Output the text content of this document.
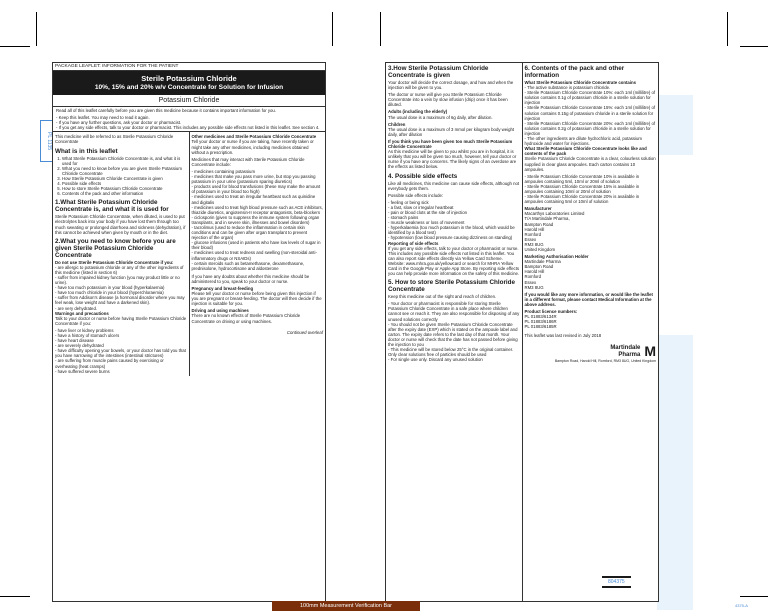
PL 1135
PACKAGE LEAFLET: INFORMATION FOR THE PATIENT
Sterile Potassium Chloride
10%, 15% and 20% w/v Concentrate for Solution for Infusion
Potassium Chloride

Read all of this leaflet carefully before you are given this medicine because it contains important information for you.

- Keep this leaflet. You may need to read it again.
- If you have any further questions, ask your doctor or pharmacist.
- If you get any side effects, talk to your doctor or pharmacist. This includes any possible side effects not listed in this leaflet. See section 4.

This medicine will be referred to as Sterile Potassium Chloride Concentrate

What is in this leaflet
1. What Sterile Potassium Chloride Concentrate is, and what it is used for
2. What you need to know before you are given Sterile Potassium Chloride Concentrate
3. How Sterile Potassium Chloride Concentrate is given
4. Possible side effects
5. How to store Sterile Potassium Chloride Concentrate
6. Contents of the pack and other information
1.What Sterile Potassium Chloride Concentrate is, and what it is used for

Sterile Potassium Chloride Concentrate, when diluted, is used to put electrolytes back into your body if you have lost them through too much sweating or prolonged diarrhoea and sickness (dehydration), if this cannot be achieved when given by mouth or in the diet.

2.What you need to know before you are given Sterile Potassium Chloride Concentrate
Do not use Sterile Potassium Chloride Concentrate if you:
- are allergic to potassium chloride or any of the other ingredients of this medicine (listed in section 6)
- suffer from impaired kidney function (you may product little or no urine).
- have too much potassium in your blood (hyperkalaemia)
- have too much chloride in your blood (hyperchloraemia)
- suffer from Addison's disease (a hormonal disorder where you may feel weak, lose weight and have a darkened skin).
- are very dehydrated.
Warnings and precautions

Talk to your doctor or nurse before having Sterile Potassium Chloride Concentrate if you:

- have liver or kidney problems
- have a history of stomach ulcers
- have heart disease
- are severely dehydrated
- have difficulty opening your bowels, or your doctor has told you that you have narrowing of the intestines (intestinal strictures)
- are suffering from muscle pains caused by exercising or overheating (heat cramps)
- have suffered severe burns
Other medicines and Sterile Potassium Chloride Concentrate

Tell your doctor or nurse if you are taking, have recently taken or might take any other medicines, including medicines obtained without a prescription.

Medicines that may interact with Sterile Potassium Chloride Concentrate include:

- medicines containing potassium
- medicines that make you pass more urine, but stop you passing potassium in your urine (potassium sparing diuretics)
- products used for blood transfusions (these may make the amount of potassium in your blood too high)
- medicines used to treat an irregular heartbeat such as quinidine and digitalis
- medicines used to treat high blood pressure such as ACE inhibitors, thiazide diuretics, angiotensin-II receptor antagonists, beta-blockers
- ciclosporin (given to suppress the immune system following organ transplants, and in severe skin, illnesses and bowel disorders)
- tacrolimus (used to reduce the inflammation in certain skin conditions and can be given after organ transplant to prevent rejection of the organ)
- glucose infusions (used in patients who have low levels of sugar in their blood)
- medicines used to treat redness and swelling (non-steroidal anti-inflammatory drugs or NSAIDs)
- certain steroids such as betamethasone, dexamethasone, prednisolone, hydrocortisone and aldosterone

If you have any doubts about whether this medicine should be administered to you, speak to your doctor or nurse.

Pregnancy and breast-feeding

Please tell your doctor or nurse before being given this injection if you are pregnant or breast-feeding. The doctor will then decide if the injection is suitable for you.

Driving and using machines

There are no known effects of Sterile Potassium Chloride Concentrate on driving or using machines.

Continued overleaf
3.How Sterile Potassium Chloride Concentrate is given

Your doctor will decide the correct dosage, and how and when the injection will be given to you.

The doctor or nurse will give you Sterile Potassium Chloride Concentrate into a vein by slow infusion (drip) once it has been diluted.

Adults (including the elderly)

The usual dose is a maximum of 6g daily, after dilution.

Children

The usual dose is a maximum of 3 mmol per kilogram body weight daily, after dilution

If you think you have been given too much Sterile Potassium Chloride Concentrate

As this medicine will be given to you whilst you are in hospital, it is unlikely that you will be given too much, however, tell your doctor or nurse if you have any concerns. The likely signs of an overdose are the effects as listed below.

4. Possible side effects

Like all medicines, this medicine can cause side effects, although not everybody gets them.

Possible side effects include:

- feeling or being sick
- a fast, slow or irregular heartbeat
- pain or blood clots at the site of injection
- stomach pains
- muscle weakness or loss of movement
- hyperkalaemia (too much potassium in the blood, which would be identified by a blood test)
- hypotension (low blood pressure causing dizziness on standing)
Reporting of side effects

If you get any side effects, talk to your doctor or pharmacist or nurse. This includes any possible side effects not listed in this leaflet. You can also report side effects directly via Yellow Card Scheme. Website: www.mhra.gov.uk/yellowcard or search for MHRA Yellow Card in the Google Play or Apple App Store. By reporting side effects you can help provide more information on the safety of this medicine.

5. How to store Sterile Potassium Chloride Concentrate

Keep this medicine out of the sight and reach of children.

- Your doctor or pharmacist is responsible for storing Sterile Potassium Chloride Concentrate in a safe place where children cannot see or reach it. They are also responsible for disposing of any unused solutions correctly
- You should not be given Sterile Potassium Chloride Concentrate after the expiry date (EXP) which is stated on the ampoule label and carton. The expiry date refers to the last day of that month. Your doctor or nurse will check that the date has not passed before giving the injection to you
- This medicine will be stored below 25°C in the original container. Only clear solutions free of particles should be used
- For single use only. Discard any unused solution
6. Contents of the pack and other information
What Sterile Potassium Chloride Concentrate contains
- The active substance is potassium chloride.
- Sterile Potassium Chloride Concentrate 10%: each 1ml (millilitre) of solution contains 0.1g of potassium chloride in a sterile solution for injection
- Sterile Potassium Chloride Concentrate 15%: each 1ml (millilitre) of solution contains 0.15g of potassium chloride in a sterile solution for injection
- Sterile Potassium Chloride Concentrate 20%: each 1ml (millilitre) of solution contains 0.2g of potassium chloride in a sterile solution for injection
- The other ingredients are dilute hydrochloric acid, potassium hydroxide and water for injections.
What Sterile Potassium Chloride Concentrate looks like and contents of the pack

Sterile Potassium Chloride Concentrate is a clear, colourless solution supplied in clear glass ampoules. Each carton contains 10 ampoules.

- Sterile Potassium Chloride Concentrate 10% is available in ampoules containing 5ml, 10ml or 20ml of solution
- Sterile Potassium Chloride Concentrate 15% is available in ampoules containing 10ml or 20ml of solution
- Sterile Potassium Chloride Concentrate 20% is available in ampoules containing 5ml or 10ml of solution
Manufacturer
Macarthys Laboratories Limited
T/A Martindale Pharma,
Bampton Road
Harold Hill
Romford
Essex
RM3 8UG
United Kingdom
Marketing Authorisation Holder
Martindale Pharma
Bampton Road
Harold Hill
Romford
Essex
RM3 8UG

If you would like any more information, or would like the leaflet in a different format, please contact Medical Information at the above address.

Product licence numbers:
PL 01883/6134R
PL 01883/6186R
PL 01883/6185R

This leaflet was last revised in July 2018

Martindale
Pharma M
Bampton Road, Harold Hill, Romford, RM3 8UG, United Kingdom
804375
100mm Measurement Verification Bar	4375-A
